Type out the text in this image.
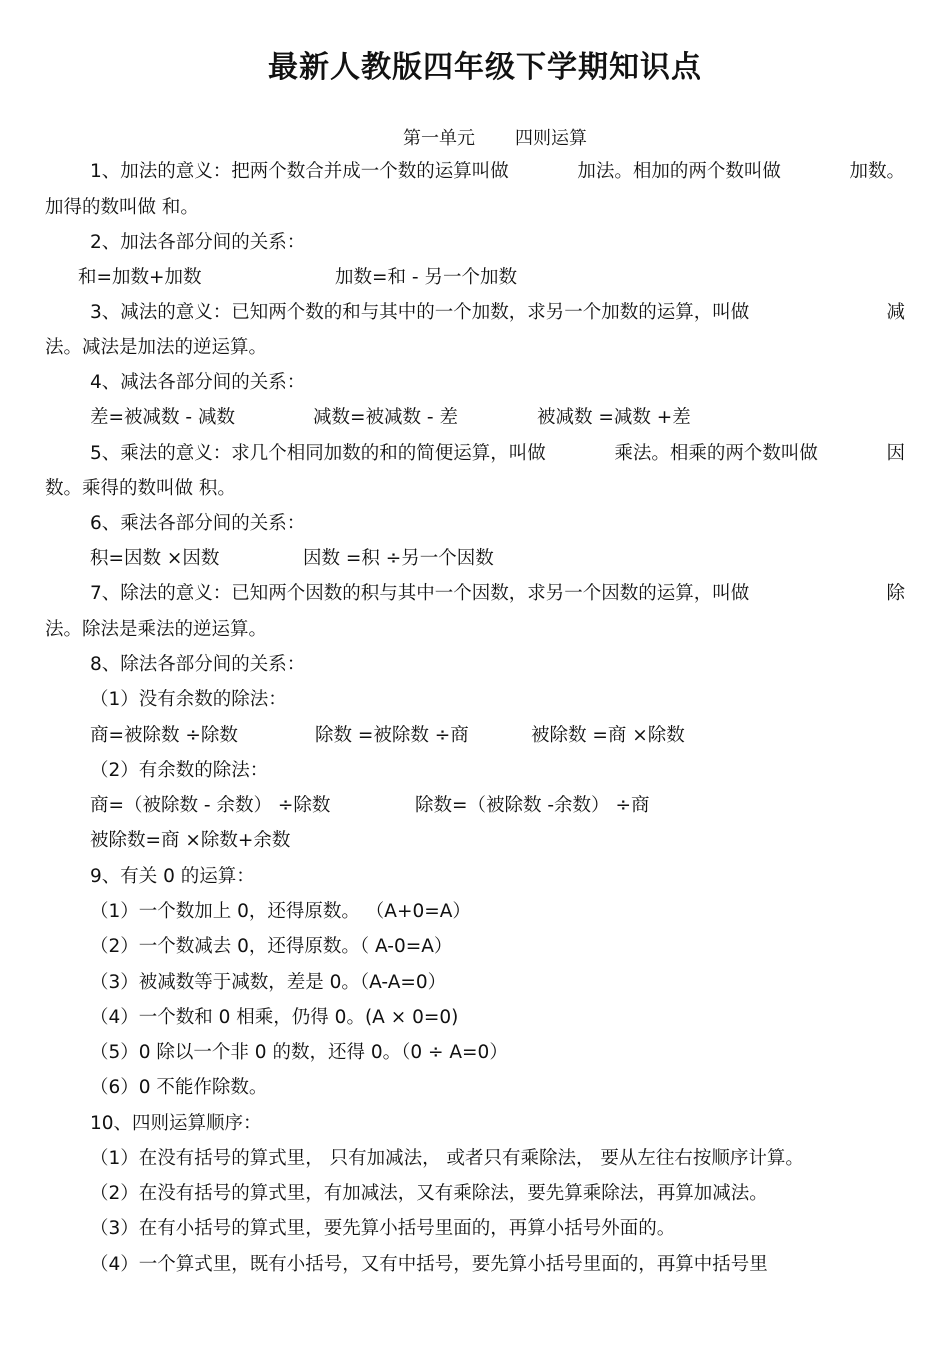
最新人教版四年级下学期知识点
第一单元 四则运算
1、加法的意义：把两个数合并成一个数的运算叫做	加法。相加的两个数叫做	加数。
加得的数叫做 和。
2、加法各部分间的关系：
和=加数+加数	加数=和 - 另一个加数
3、减法的意义：已知两个数的和与其中的一个加数，求另一个加数的运算，叫做	减
法。减法是加法的逆运算。
4、减法各部分间的关系：
差=被减数 - 减数	减数=被减数 - 差	被减数 =减数 +差
5、乘法的意义：求几个相同加数的和的简便运算，叫做	乘法。相乘的两个数叫做	因
数。乘得的数叫做 积。
6、乘法各部分间的关系：
积=因数 ×因数	因数 =积 ÷另一个因数
7、除法的意义：已知两个因数的积与其中一个因数，求另一个因数的运算，叫做	除
法。除法是乘法的逆运算。
8、除法各部分间的关系：
（1）没有余数的除法：
商=被除数 ÷除数	除数 =被除数 ÷商	被除数 =商 ×除数
（2）有余数的除法：
商=（被除数 - 余数） ÷除数	除数=（被除数 -余数） ÷商
被除数=商 ×除数+余数
9、有关 0 的运算：
（1）一个数加上 0，还得原数。 （A+0=A）
（2）一个数减去 0，还得原数。（ A-0=A）
（3）被减数等于减数，差是 0。（A-A=0）
（4）一个数和 0 相乘，仍得 0。(A × 0=0)
（5）0 除以一个非 0 的数，还得 0。（0 ÷ A=0）
（6）0 不能作除数。
10、四则运算顺序：
（1）在没有括号的算式里， 只有加减法， 或者只有乘除法， 要从左往右按顺序计算。
（2）在没有括号的算式里，有加减法，又有乘除法，要先算乘除法，再算加减法。
（3）在有小括号的算式里，要先算小括号里面的，再算小括号外面的。
（4）一个算式里，既有小括号，又有中括号，要先算小括号里面的，再算中括号里
